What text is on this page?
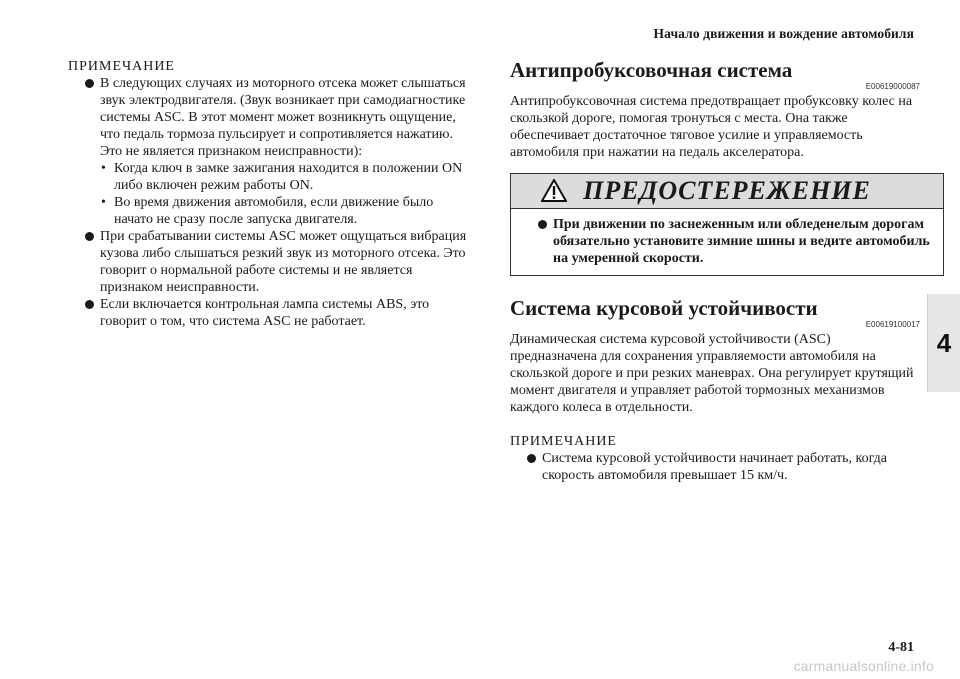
Начало движения и вождение автомобиля
4
ПРИМЕЧАНИЕ
В следующих случаях из моторного отсека может слышаться звук электродвигателя. (Звук возникает при самодиагностике системы ASC. В этот момент может возникнуть ощущение, что педаль тормоза пульсирует и сопротивляется нажатию. Это не является признаком неисправности):
• Когда ключ в замке зажигания находится в положении ON либо включен режим работы ON.
• Во время движения автомобиля, если движение было начато не сразу после запуска двигателя.
При срабатывании системы ASC может ощущаться вибрация кузова либо слышаться резкий звук из моторного отсека. Это говорит о нормальной работе системы и не является признаком неисправности.
Если включается контрольная лампа системы ABS, это говорит о том, что система ASC не работает.
Антипробуксовочная система
E00619000087

Антипробуксовочная система предотвращает пробуксовку колес на скользкой дороге, помогая тронуться с места. Она также обеспечивает достаточное тяговое усилие и управляемость автомобиля при нажатии на педаль акселератора.

ПРЕДОСТЕРЕЖЕНИЕ
При движении по заснеженным или обледенелым дорогам обязательно установите зимние шины и ведите автомобиль на умеренной скорости.
Система курсовой устойчивости
E00619100017

Динамическая система курсовой устойчивости (ASC) предназначена для сохранения управляемости автомобиля на скользкой дороге и при резких маневрах. Она регулирует крутящий момент двигателя и управляет работой тормозных механизмов каждого колеса в отдельности.

ПРИМЕЧАНИЕ
Система курсовой устойчивости начинает работать, когда скорость автомобиля превышает 15 км/ч.
4-81
carmanualsonline.info
